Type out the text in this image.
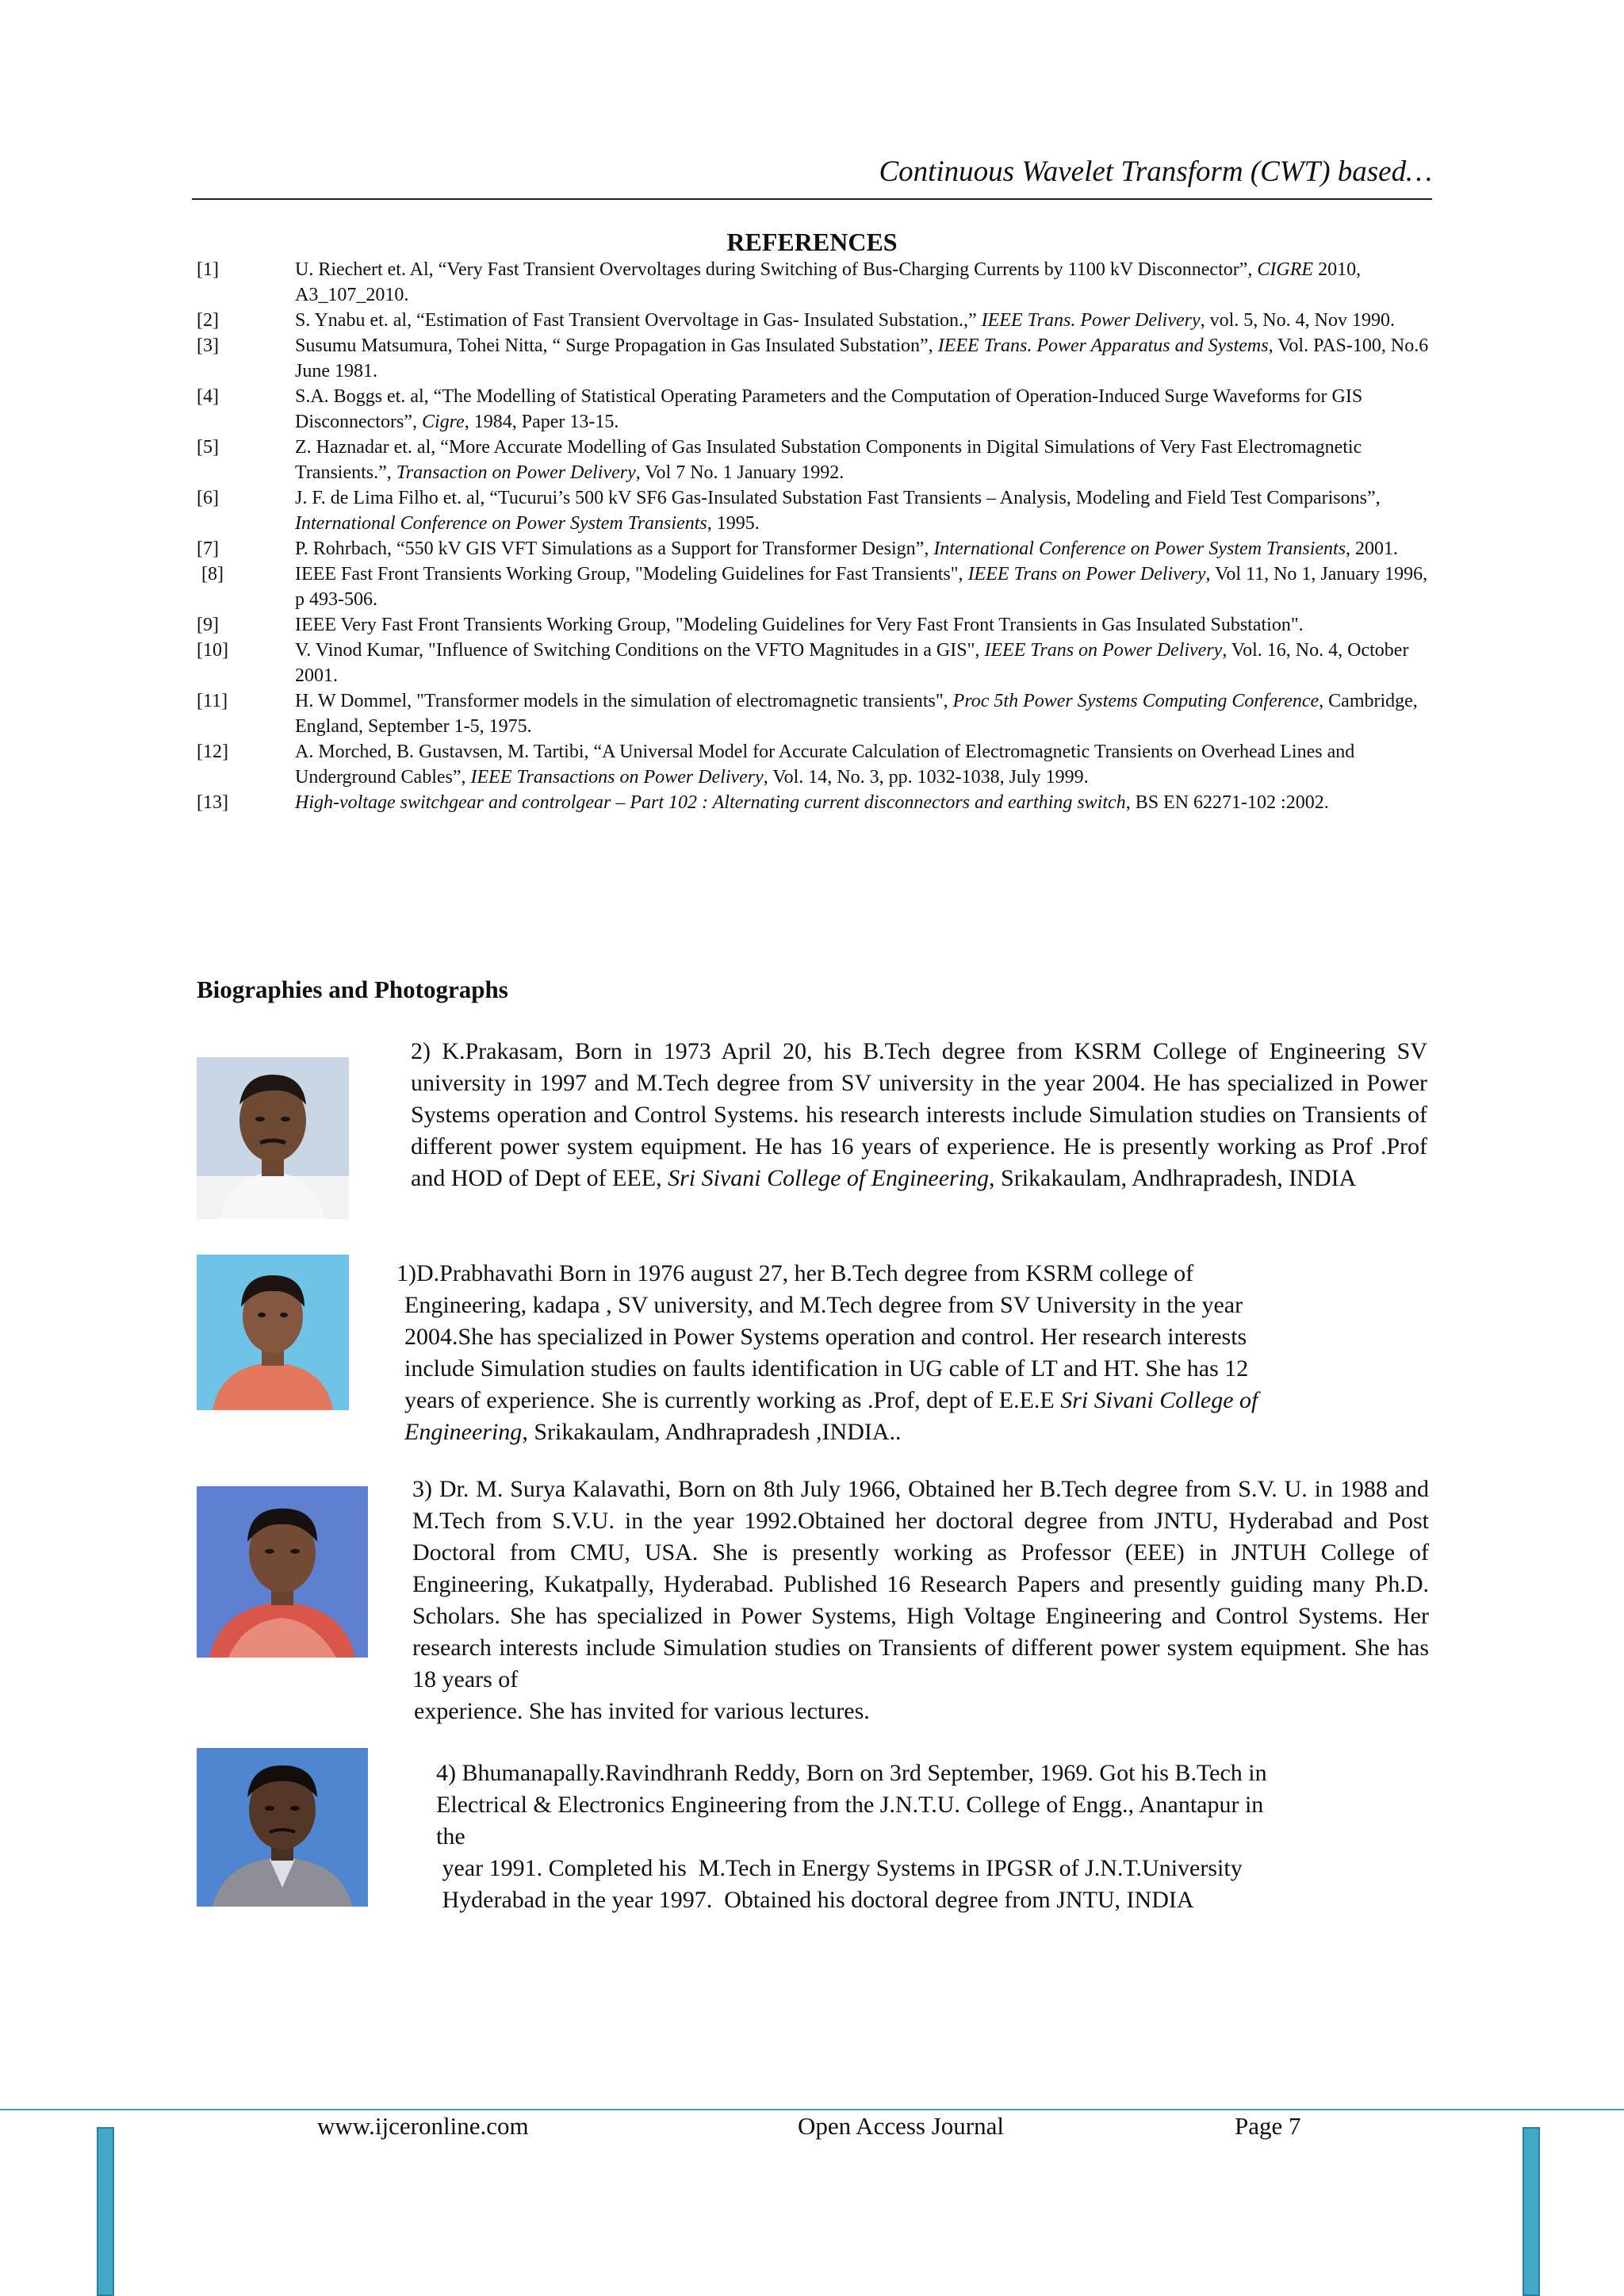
Continuous Wavelet Transform (CWT) based…
REFERENCES
[1]	U. Riechert et. Al, “Very Fast Transient Overvoltages during Switching of Bus-Charging Currents by 1100 kV Disconnector”, CIGRE 2010, A3_107_2010.
[2]	S. Ynabu et. al, “Estimation of Fast Transient Overvoltage in Gas- Insulated Substation.,” IEEE Trans. Power Delivery, vol. 5, No. 4, Nov 1990.
[3]	Susumu Matsumura, Tohei Nitta, “ Surge Propagation in Gas Insulated Substation”, IEEE Trans. Power Apparatus and Systems, Vol. PAS-100, No.6 June 1981.
[4]	S.A. Boggs et. al, “The Modelling of Statistical Operating Parameters and the Computation of Operation-Induced Surge Waveforms for GIS Disconnectors”, Cigre, 1984, Paper 13-15.
[5]	Z. Haznadar et. al, “More Accurate Modelling of Gas Insulated Substation Components in Digital Simulations of Very Fast Electromagnetic Transients.”, Transaction on Power Delivery, Vol 7 No. 1 January 1992.
[6]	J. F. de Lima Filho et. al, “Tucurui’s 500 kV SF6 Gas-Insulated Substation Fast Transients – Analysis, Modeling and Field Test Comparisons”, International Conference on Power System Transients, 1995.
[7]	P. Rohrbach, “550 kV GIS VFT Simulations as a Support for Transformer Design”, International Conference on Power System Transients, 2001.
[8]	IEEE Fast Front Transients Working Group, "Modeling Guidelines for Fast Transients", IEEE Trans on Power Delivery, Vol 11, No 1, January 1996, p 493-506.
[9]	IEEE Very Fast Front Transients Working Group, "Modeling Guidelines for Very Fast Front Transients in Gas Insulated Substation".
[10]	V. Vinod Kumar, "Influence of Switching Conditions on the VFTO Magnitudes in a GIS", IEEE Trans on Power Delivery, Vol. 16, No. 4, October 2001.
[11]	H. W Dommel, "Transformer models in the simulation of electromagnetic transients", Proc 5th Power Systems Computing Conference, Cambridge, England, September 1-5, 1975.
[12]	A. Morched, B. Gustavsen, M. Tartibi, “A Universal Model for Accurate Calculation of Electromagnetic Transients on Overhead Lines and Underground Cables”, IEEE Transactions on Power Delivery, Vol. 14, No. 3, pp. 1032-1038, July 1999.
[13]	High-voltage switchgear and controlgear – Part 102 : Alternating current disconnectors and earthing switch, BS EN 62271-102 :2002.
Biographies and Photographs
2) K.Prakasam, Born in 1973 April 20, his B.Tech degree from KSRM College of Engineering SV university in 1997 and M.Tech degree from SV university in the year 2004. He has specialized in Power Systems operation and Control Systems. his research interests include Simulation studies on Transients of different power system equipment. He has 16 years of experience. He is presently working as Prof .Prof and HOD of Dept of EEE, Sri Sivani College of Engineering, Srikakaulam, Andhrapradesh, INDIA
1)D.Prabhavathi Born in 1976 august 27, her B.Tech degree from KSRM college of
Engineering, kadapa , SV university, and M.Tech degree from SV University in the year
2004.She has specialized in Power Systems operation and control. Her research interests
include Simulation studies on faults identification in UG cable of LT and HT. She has 12
years of experience. She is currently working as .Prof, dept of E.E.E Sri Sivani College of
Engineering, Srikakaulam, Andhrapradesh ,INDIA..
3) Dr. M. Surya Kalavathi, Born on 8th July 1966, Obtained her B.Tech degree from S.V. U. in 1988 and M.Tech from S.V.U. in the year 1992.Obtained her doctoral degree from JNTU, Hyderabad and Post Doctoral from CMU, USA. She is presently working as Professor (EEE) in JNTUH College of Engineering, Kukatpally, Hyderabad. Published 16 Research Papers and presently guiding many Ph.D. Scholars. She has specialized in Power Systems, High Voltage Engineering and Control Systems. Her research interests include Simulation studies on Transients of different power system equipment. She has 18 years of
experience. She has invited for various lectures.
4) Bhumanapally.Ravindhranh Reddy, Born on 3rd September, 1969. Got his B.Tech in
Electrical & Electronics Engineering from the J.N.T.U. College of Engg., Anantapur in
the
year 1991. Completed his  M.Tech in Energy Systems in IPGSR of J.N.T.University
Hyderabad in the year 1997.  Obtained his doctoral degree from JNTU, INDIA
www.ijceronline.com	Open Access Journal	Page 7
